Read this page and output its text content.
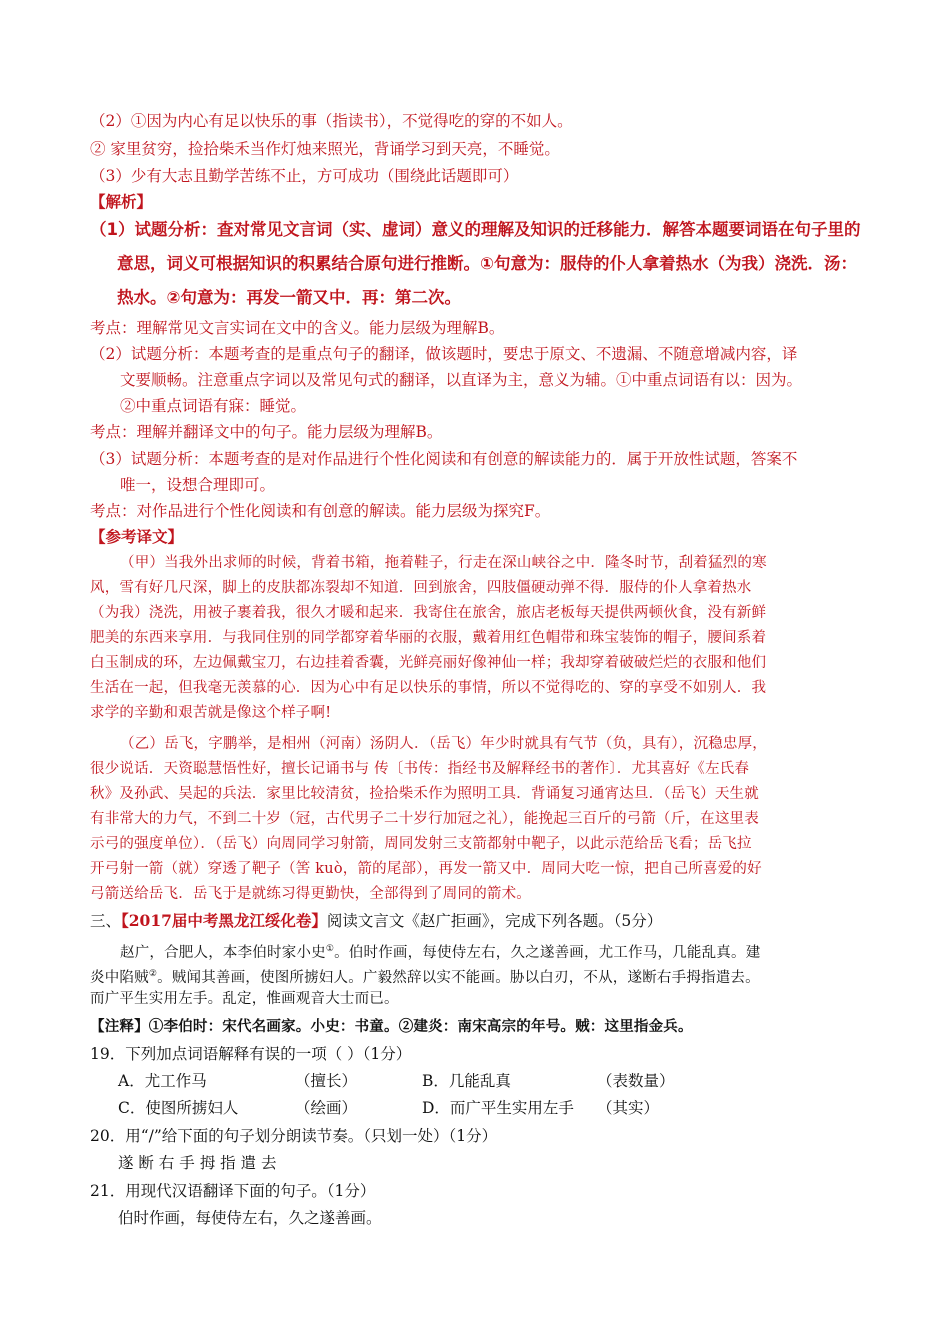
（2）①因为内心有足以快乐的事（指读书），不觉得吃的穿的不如人。
② 家里贫穷，捡拾柴禾当作灯烛来照光，背诵学习到天亮，不睡觉。
（3）少有大志且勤学苦练不止，方可成功（围绕此话题即可）
【解析】
（1）试题分析：查对常见文言词（实、虚词）意义的理解及知识的迁移能力．解答本题要词语在句子里的
意思，词义可根据知识的积累结合原句进行推断。①句意为：服侍的仆人拿着热水（为我）浇洗．汤：
热水。②句意为：再发一箭又中．再：第二次。
考点：理解常见文言实词在文中的含义。能力层级为理解B。
（2）试题分析：本题考查的是重点句子的翻译，做该题时，要忠于原文、不遗漏、不随意增减内容，译
文要顺畅。注意重点字词以及常见句式的翻译，以直译为主，意义为辅。①中重点词语有以：因为。
②中重点词语有寐：睡觉。
考点：理解并翻译文中的句子。能力层级为理解B。
（3）试题分析：本题考查的是对作品进行个性化阅读和有创意的解读能力的．属于开放性试题，答案不
唯一，设想合理即可。
考点：对作品进行个性化阅读和有创意的解读。能力层级为探究F。
【参考译文】
（甲）当我外出求师的时候，背着书箱，拖着鞋子，行走在深山峡谷之中．隆冬时节，刮着猛烈的寒
风，雪有好几尺深，脚上的皮肤都冻裂却不知道．回到旅舍，四肢僵硬动弹不得．服侍的仆人拿着热水
（为我）浇洗，用被子裹着我，很久才暖和起来．我寄住在旅舍，旅店老板每天提供两顿伙食，没有新鲜
肥美的东西来享用．与我同住别的同学都穿着华丽的衣服，戴着用红色帽带和珠宝装饰的帽子，腰间系着
白玉制成的环，左边佩戴宝刀，右边挂着香囊，光鲜亮丽好像神仙一样；我却穿着破破烂烂的衣服和他们
生活在一起，但我毫无羡慕的心．因为心中有足以快乐的事情，所以不觉得吃的、穿的享受不如别人．我
求学的辛勤和艰苦就是像这个样子啊!
（乙）岳飞，字鹏举，是相州（河南）汤阴人．（岳飞）年少时就具有气节（负，具有），沉稳忠厚，
很少说话．天资聪慧悟性好，擅长记诵书与 传〔书传：指经书及解释经书的著作〕．尤其喜好《左氏春
秋》及孙武、吴起的兵法．家里比较清贫，捡拾柴禾作为照明工具．背诵复习通宵达旦．（岳飞）天生就
有非常大的力气，不到二十岁（冠，古代男子二十岁行加冠之礼），能挽起三百斤的弓箭（斤，在这里表
示弓的强度单位）．（岳飞）向周同学习射箭，周同发射三支箭都射中靶子，以此示范给岳飞看；岳飞拉
开弓射一箭（就）穿透了靶子（筈 kuò，箭的尾部），再发一箭又中．周同大吃一惊，把自己所喜爱的好
弓箭送给岳飞．岳飞于是就练习得更勤快，全部得到了周同的箭术。
三、【2017届中考黑龙江绥化卷】阅读文言文《赵广拒画》，完成下列各题。（5分）
赵广，合肥人，本李伯时家小史①。伯时作画，每使侍左右，久之遂善画，尤工作马，几能乱真。建
炎中陷贼②。贼闻其善画，使图所掳妇人。广毅然辞以实不能画。胁以白刃，不从，遂断右手拇指遣去。
而广平生实用左手。乱定，惟画观音大士而已。
【注释】①李伯时：宋代名画家。小史：书童。②建炎：南宋高宗的年号。贼：这里指金兵。
19．下列加点词语解释有误的一项（ ）（1分）
A．尤工作马	（擅长）	B．几能乱真	（表数量）
C．使图所掳妇人	（绘画）	D．而广平生实用左手 （其实）
20．用“/”给下面的句子划分朗读节奏。（只划一处）（1分）
遂 断 右 手 拇 指 遣 去
21．用现代汉语翻译下面的句子。（1分）
伯时作画，每使侍左右，久之遂善画。
